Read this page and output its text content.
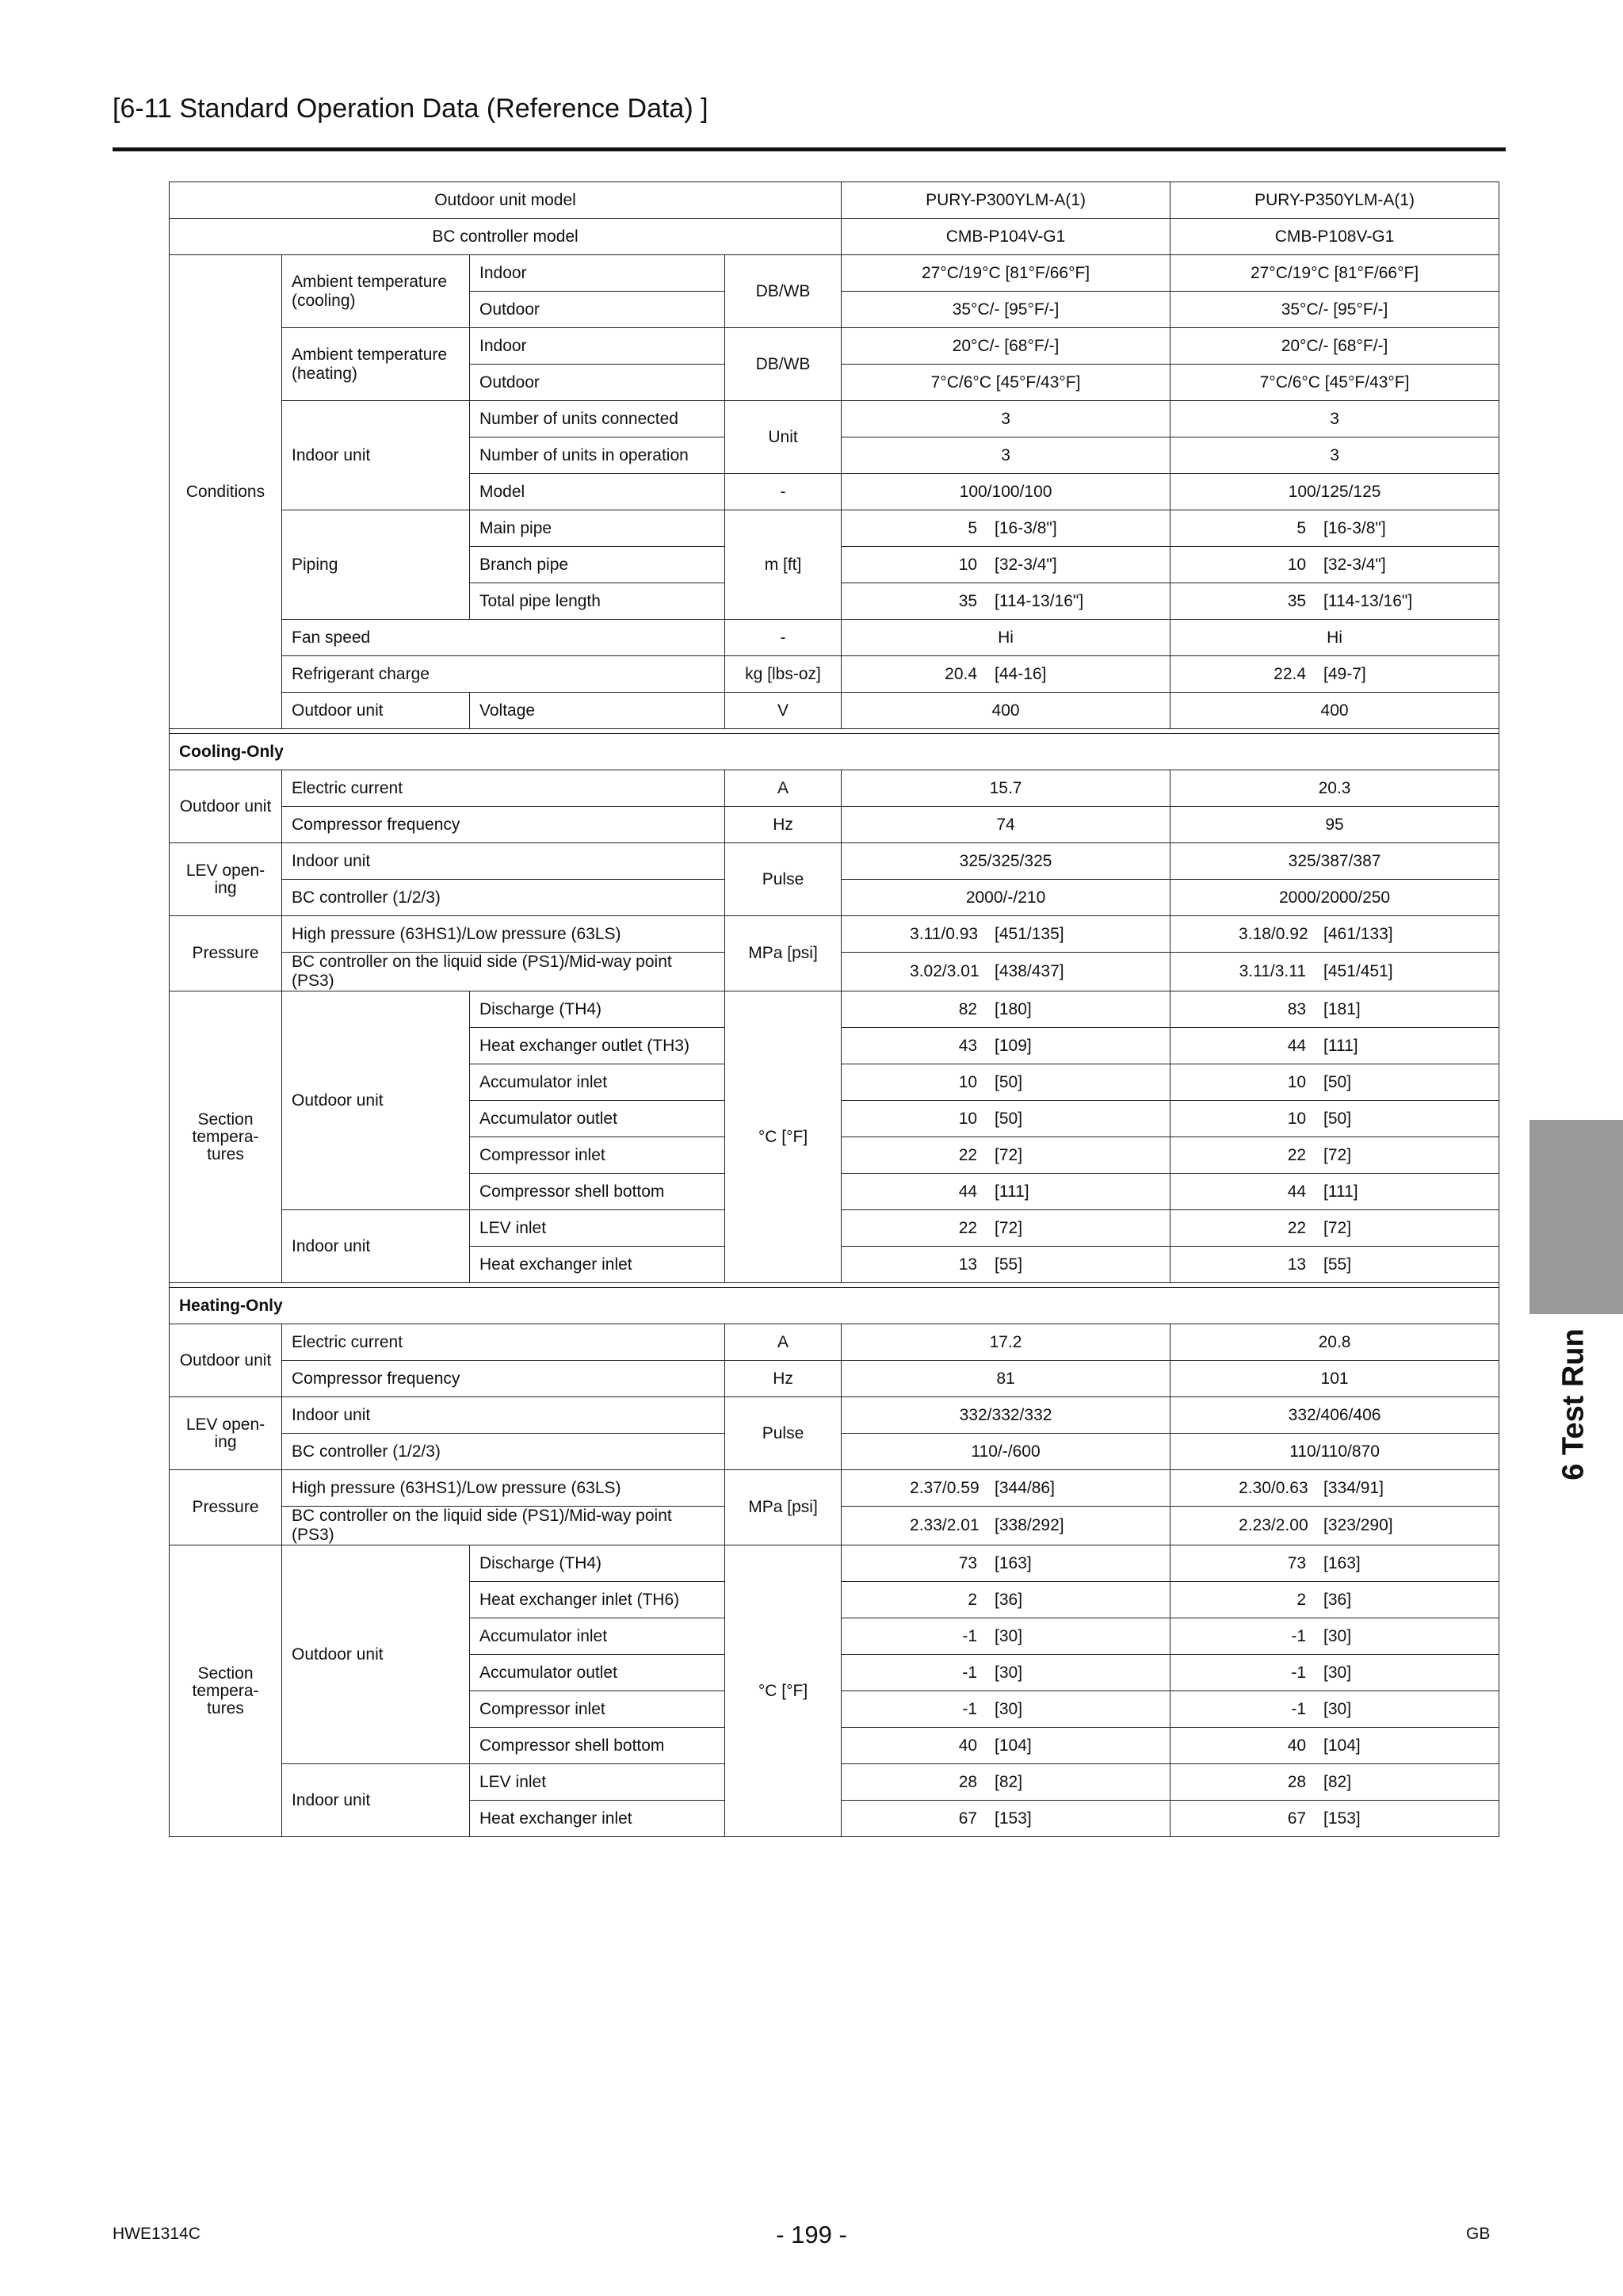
[6-11 Standard Operation Data (Reference Data) ]
Outdoor unit model				PURY-P300YLM-A(1)	PURY-P350YLM-A(1)
BC controller model				CMB-P104V-G1	CMB-P108V-G1
Conditions	Ambient temperature (cooling)	Indoor	DB/WB	27°C/19°C [81°F/66°F]	27°C/19°C [81°F/66°F]
		Outdoor		35°C/- [95°F/-]	35°C/- [95°F/-]
	Ambient temperature (heating)	Indoor	DB/WB	20°C/- [68°F/-]	20°C/- [68°F/-]
		Outdoor		7°C/6°C [45°F/43°F]	7°C/6°C [45°F/43°F]
	Indoor unit	Number of units connected	Unit	3	3
		Number of units in operation		3	3
		Model	-	100/100/100	100/125/125
	Piping	Main pipe	m [ft]	5 [16-3/8"]	5 [16-3/8"]
		Branch pipe		10 [32-3/4"]	10 [32-3/4"]
		Total pipe length		35 [114-13/16"]	35 [114-13/16"]
	Fan speed		-	Hi	Hi
	Refrigerant charge		kg [lbs-oz]	20.4 [44-16]	22.4 [49-7]
	Outdoor unit	Voltage	V	400	400

Cooling-Only					
Outdoor unit	Electric current		A	15.7	20.3
	Compressor frequency		Hz	74	95
LEV open- ing	Indoor unit		Pulse	325/325/325	325/387/387
	BC controller (1/2/3)			2000/-/210	2000/2000/250
Pressure	High pressure (63HS1)/Low pressure (63LS)		MPa [psi]	3.11/0.93 [451/135]	3.18/0.92 [461/133]
	BC controller on the liquid side (PS1)/Mid-way point (PS3)			3.02/3.01 [438/437]	3.11/3.11 [451/451]
Section tempera- tures	Outdoor unit	Discharge (TH4)	°C [°F]	82 [180]	83 [181]
		Heat exchanger outlet (TH3)		43 [109]	44 [111]
		Accumulator inlet		10 [50]	10 [50]
		Accumulator outlet		10 [50]	10 [50]
		Compressor inlet		22 [72]	22 [72]
		Compressor shell bottom		44 [111]	44 [111]
	Indoor unit	LEV inlet		22 [72]	22 [72]
		Heat exchanger inlet		13 [55]	13 [55]

Heating-Only					
Outdoor unit	Electric current		A	17.2	20.8
	Compressor frequency		Hz	81	101
LEV open- ing	Indoor unit		Pulse	332/332/332	332/406/406
	BC controller (1/2/3)			110/-/600	110/110/870
Pressure	High pressure (63HS1)/Low pressure (63LS)		MPa [psi]	2.37/0.59 [344/86]	2.30/0.63 [334/91]
	BC controller on the liquid side (PS1)/Mid-way point (PS3)			2.33/2.01 [338/292]	2.23/2.00 [323/290]
Section tempera- tures	Outdoor unit	Discharge (TH4)	°C [°F]	73 [163]	73 [163]
		Heat exchanger inlet (TH6)		2 [36]	2 [36]
		Accumulator inlet		-1 [30]	-1 [30]
		Accumulator outlet		-1 [30]	-1 [30]
		Compressor inlet		-1 [30]	-1 [30]
		Compressor shell bottom		40 [104]	40 [104]
	Indoor unit	LEV inlet		28 [82]	28 [82]
		Heat exchanger inlet		67 [153]	67 [153]
6 Test Run
HWE1314C	- 199 -	GB
